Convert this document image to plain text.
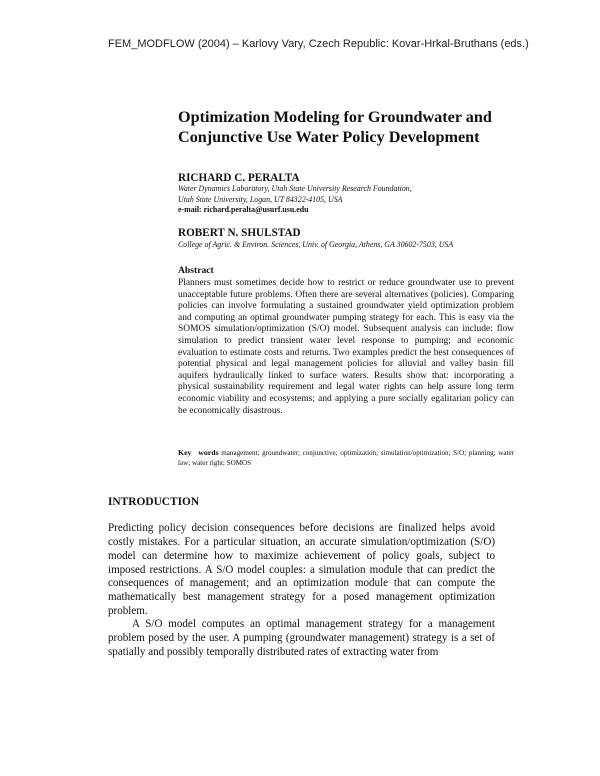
FEM_MODFLOW (2004) – Karlovy Vary, Czech Republic: Kovar-Hrkal-Bruthans (eds.)
Optimization Modeling for Groundwater and Conjunctive Use Water Policy Development
RICHARD C. PERALTA
Water Dynamics Laboratory, Utah State University Research Foundation,
Utah State University, Logan, UT 84322-4105, USA
e-mail: richard.peralta@usurf.usu.edu
ROBERT N. SHULSTAD
College of Agric. & Environ. Sciences, Univ. of Georgia, Athens, GA 30602-7503, USA
Abstract
Planners must sometimes decide how to restrict or reduce groundwater use to prevent unacceptable future problems. Often there are several alternatives (policies). Comparing policies can involve formulating a sustained groundwater yield optimization problem and computing an optimal groundwater pumping strategy for each. This is easy via the SOMOS simulation/optimization (S/O) model. Subsequent analysis can include: flow simulation to predict transient water level response to pumping; and economic evaluation to estimate costs and returns. Two examples predict the best consequences of potential physical and legal management policies for alluvial and valley basin fill aquifers hydraulically linked to surface waters. Results show that: incorporating a physical sustainability requirement and legal water rights can help assure long term economic viability and ecosystems; and applying a pure socially egalitarian policy can be economically disastrous.
Key words management; groundwater; conjunctive; optimization; simulation/optimization; S/O; planning; water law; water right; SOMOS
INTRODUCTION
Predicting policy decision consequences before decisions are finalized helps avoid costly mistakes. For a particular situation, an accurate simulation/optimization (S/O) model can determine how to maximize achievement of policy goals, subject to imposed restrictions. A S/O model couples: a simulation module that can predict the consequences of management; and an optimization module that can compute the mathematically best management strategy for a posed management optimization problem.
A S/O model computes an optimal management strategy for a management problem posed by the user. A pumping (groundwater management) strategy is a set of spatially and possibly temporally distributed rates of extracting water from
